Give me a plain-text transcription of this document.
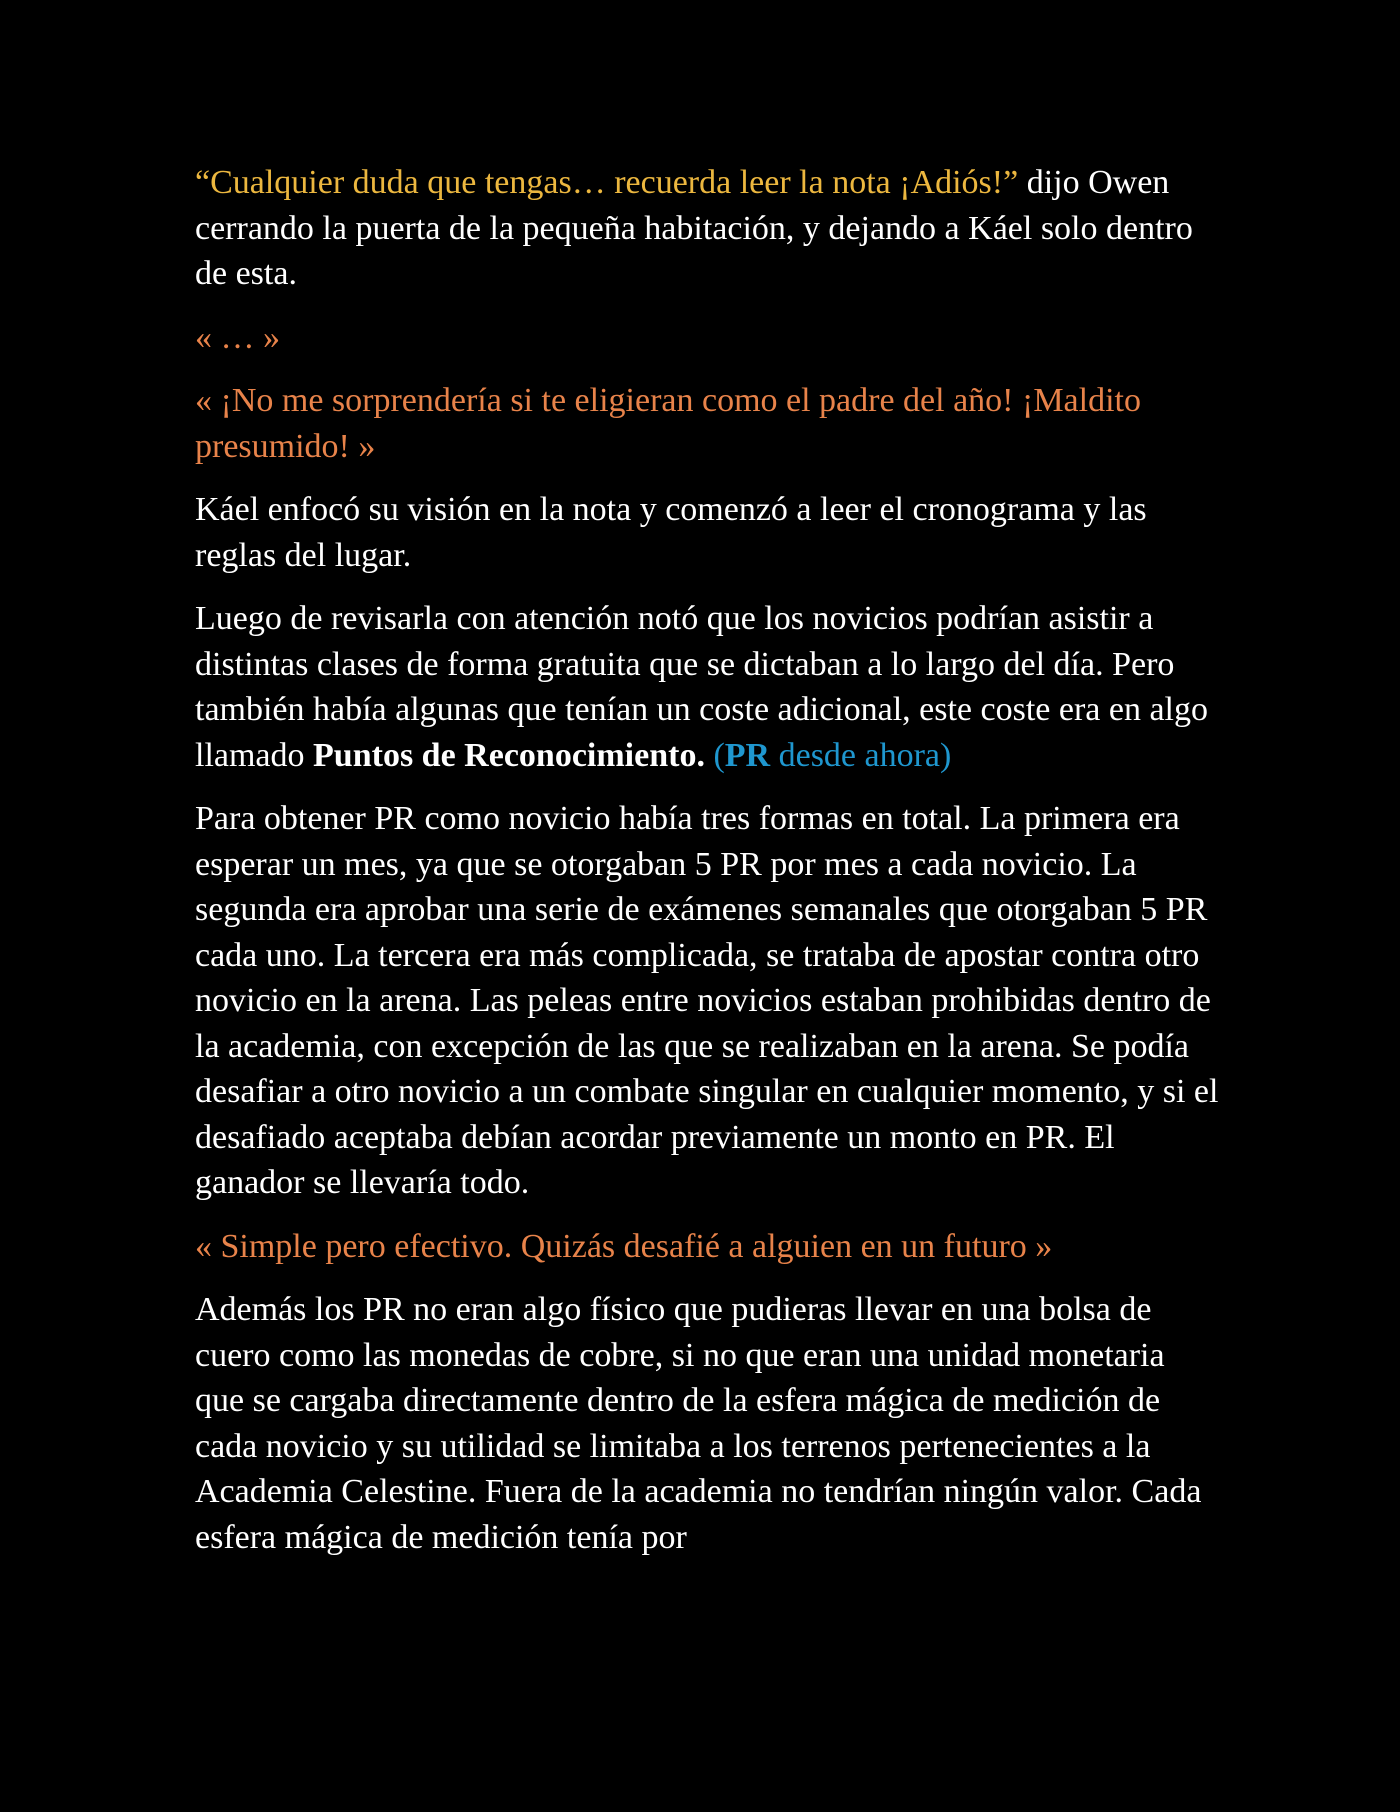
“Cualquier duda que tengas… recuerda leer la nota ¡Adiós!” dijo Owen cerrando la puerta de la pequeña habitación, y dejando a Káel solo dentro de esta.

« … »

« ¡No me sorprendería si te eligieran como el padre del año! ¡Maldito presumido! »

Káel enfocó su visión en la nota y comenzó a leer el cronograma y las reglas del lugar.

Luego de revisarla con atención notó que los novicios podrían asistir a distintas clases de forma gratuita que se dictaban a lo largo del día. Pero también había algunas que tenían un coste adicional, este coste era en algo llamado Puntos de Reconocimiento. (PR desde ahora)

Para obtener PR como novicio había tres formas en total. La primera era esperar un mes, ya que se otorgaban 5 PR por mes a cada novicio. La segunda era aprobar una serie de exámenes semanales que otorgaban 5 PR cada uno. La tercera era más complicada, se trataba de apostar contra otro novicio en la arena. Las peleas entre novicios estaban prohibidas dentro de la academia, con excepción de las que se realizaban en la arena. Se podía desafiar a otro novicio a un combate singular en cualquier momento, y si el desafiado aceptaba debían acordar previamente un monto en PR. El ganador se llevaría todo.

« Simple pero efectivo. Quizás desafié a alguien en un futuro »

Además los PR no eran algo físico que pudieras llevar en una bolsa de cuero como las monedas de cobre, si no que eran una unidad monetaria que se cargaba directamente dentro de la esfera mágica de medición de cada novicio y su utilidad se limitaba a los terrenos pertenecientes a la Academia Celestine. Fuera de la academia no tendrían ningún valor. Cada esfera mágica de medición tenía por
